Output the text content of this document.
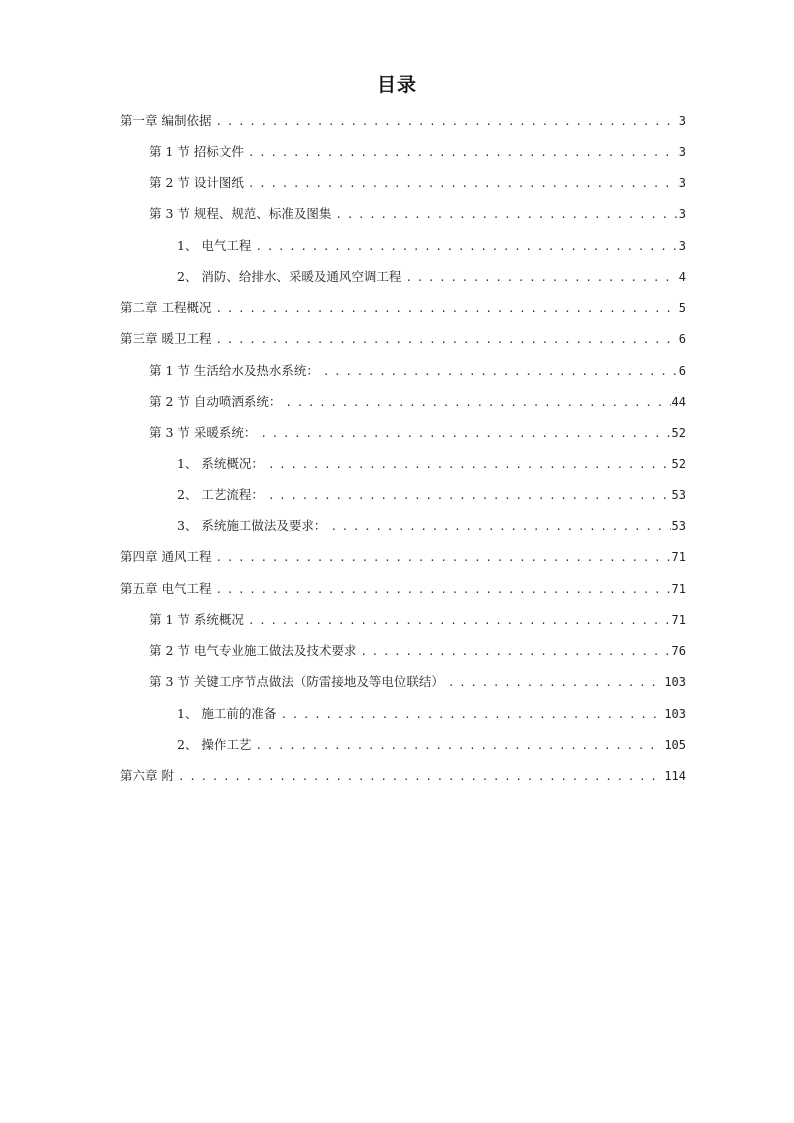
目录
第一章 编制依据 . . .	3
第 1 节 招标文件 . . .	3
第 2 节 设计图纸 . . .	3
第 3 节 规程、规范、标准及图集 . . .	3
1、 电气工程 . . .	3
2、 消防、给排水、采暖及通风空调工程 . . .	4
第二章 工程概况 . . .	5
第三章 暖卫工程 . . .	6
第 1 节 生活给水及热水系统： . . .	6
第 2 节 自动喷洒系统： . . .	44
第 3 节 采暖系统： . . .	52
1、 系统概况： . . .	52
2、 工艺流程： . . .	53
3、 系统施工做法及要求： . . .	53
第四章 通风工程 . . .	71
第五章 电气工程 . . .	71
第 1 节 系统概况 . . .	71
第 2 节 电气专业施工做法及技术要求 . . .	76
第 3 节 关键工序节点做法（防雷接地及等电位联结） . . .	103
1、 施工前的准备 . . .	103
2、 操作工艺 . . .	105
第六章 附 . . .	114
